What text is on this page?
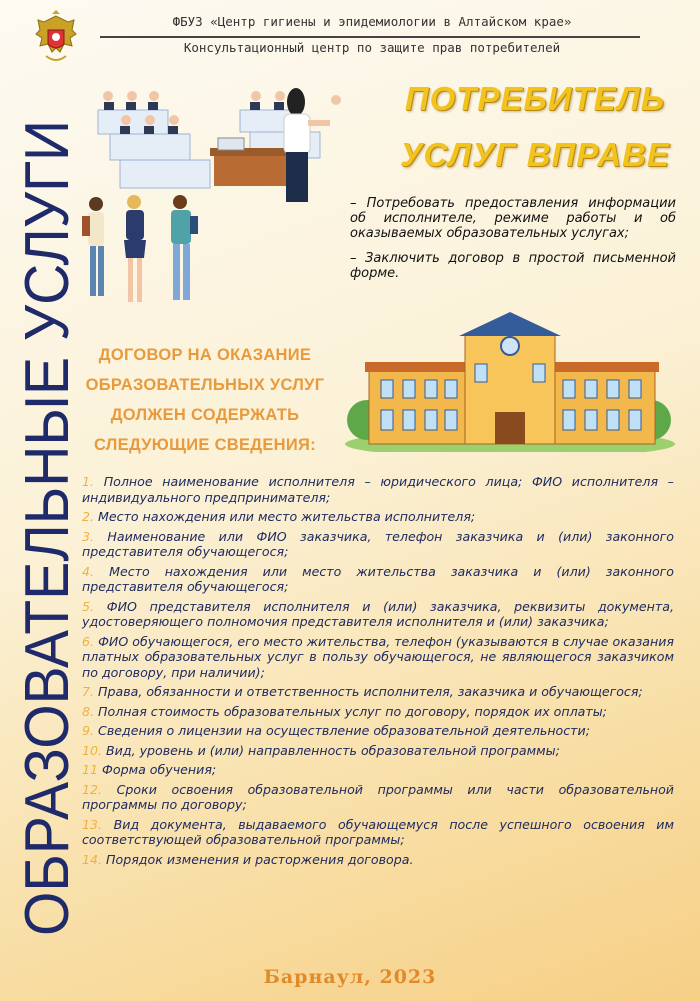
ФБУЗ «Центр гигиены и эпидемиологии в Алтайском крае»
Консультационный центр по защите прав потребителей
ОБРАЗОВАТЕЛЬНЫЕ УСЛУГИ	ПОТРЕБИТЕЛЬ
УСЛУГ ВПРАВЕ

– Потребовать предоставления информации об исполнителе, режиме работы и об оказываемых образовательных услугах;

– Заключить договор в простой письменной форме.

ДОГОВОР НА ОКАЗАНИЕ
ОБРАЗОВАТЕЛЬНЫХ УСЛУГ
ДОЛЖЕН СОДЕРЖАТЬ
СЛЕДУЮЩИЕ СВЕДЕНИЯ:
1. Полное наименование исполнителя – юридического лица; ФИО исполнителя – индивидуального предпринимателя;
2. Место нахождения или место жительства исполнителя;
3. Наименование или ФИО заказчика, телефон заказчика и (или) законного представителя обучающегося;
4. Место нахождения или место жительства заказчика и (или) законного представителя обучающегося;
5. ФИО представителя исполнителя и (или) заказчика, реквизиты документа, удостоверяющего полномочия представителя исполнителя и (или) заказчика;
6. ФИО обучающегося, его место жительства, телефон (указываются в случае оказания платных образовательных услуг в пользу обучающегося, не являющегося заказчиком по договору, при наличии);
7. Права, обязанности и ответственность исполнителя, заказчика и обучающегося;
8. Полная стоимость образовательных услуг по договору, порядок их оплаты;
9. Сведения о лицензии на осуществление образовательной деятельности;
10. Вид, уровень и (или) направленность образовательной программы;
11 Форма обучения;
12. Сроки освоения образовательной программы или части образовательной программы по договору;
13. Вид документа, выдаваемого обучающемуся после успешного освоения им соответствующей образовательной программы;
14. Порядок изменения и расторжения договора.
Барнаул, 2023
